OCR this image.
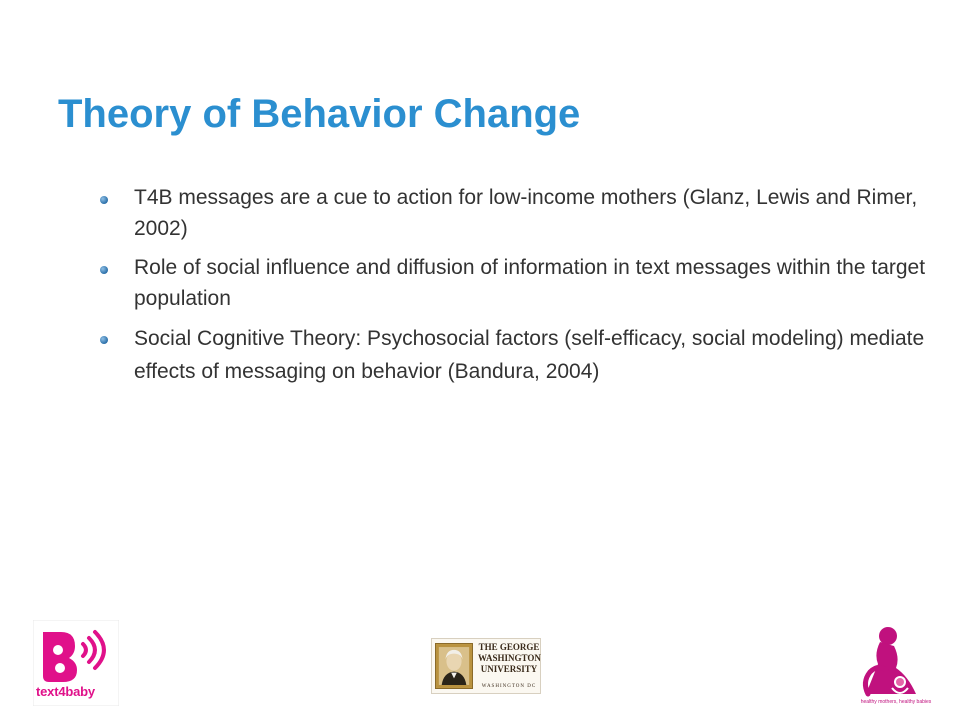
Theory of Behavior Change
T4B messages are a cue to action for low-income mothers (Glanz, Lewis and Rimer, 2002)
Role of social influence and diffusion of information in text messages within the target population
Social Cognitive Theory: Psychosocial factors (self-efficacy, social modeling) mediate effects of messaging on behavior (Bandura, 2004)
text4baby
THE GEORGE
WASHINGTON
UNIVERSITY
WASHINGTON DC
healthy mothers, healthy babies
